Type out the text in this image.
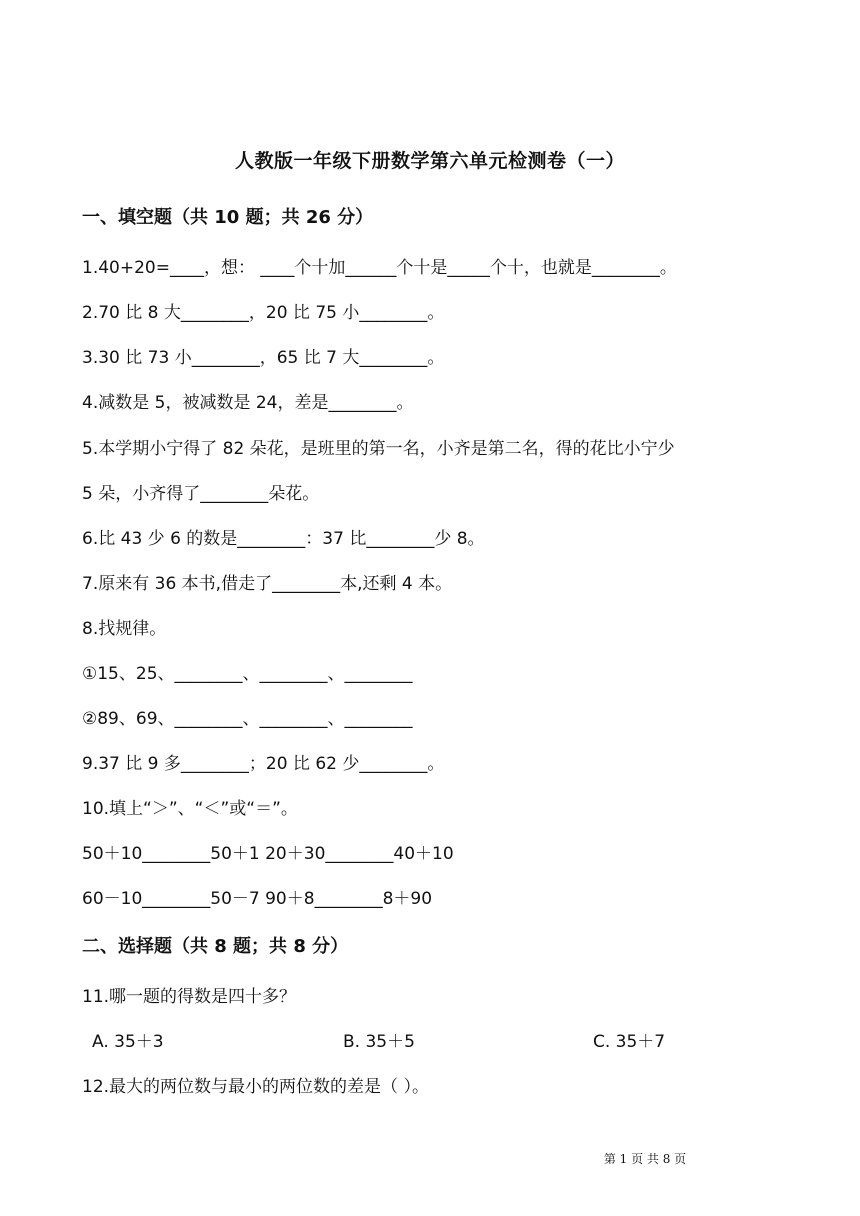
人教版一年级下册数学第六单元检测卷（一）
一、填空题（共 10 题；共 26 分）
1.40+20=____，想： ____个十加______个十是_____个十，也就是________。
2.70 比 8 大________，20 比 75 小________。
3.30 比 73 小________，65 比 7 大________。
4.减数是 5，被减数是 24，差是________。
5.本学期小宁得了 82 朵花，是班里的第一名，小齐是第二名，得的花比小宁少
5 朵，小齐得了________朵花。
6.比 43 少 6 的数是________：37 比________少 8。
7.原来有 36 本书,借走了________本,还剩 4 本。
8.找规律。
①15、25、________、________、________
②89、69、________、________、________
9.37 比 9 多________；20 比 62 少________。
10.填上“＞”、“＜”或“＝”。
50＋10________50＋1 20＋30________40＋10
60－10________50－7 90＋8________8＋90
二、选择题（共 8 题；共 8 分）
11.哪一题的得数是四十多？
A. 35＋3	B. 35＋5	C. 35＋7
12.最大的两位数与最小的两位数的差是（ ）。
第 1 页 共 8 页
